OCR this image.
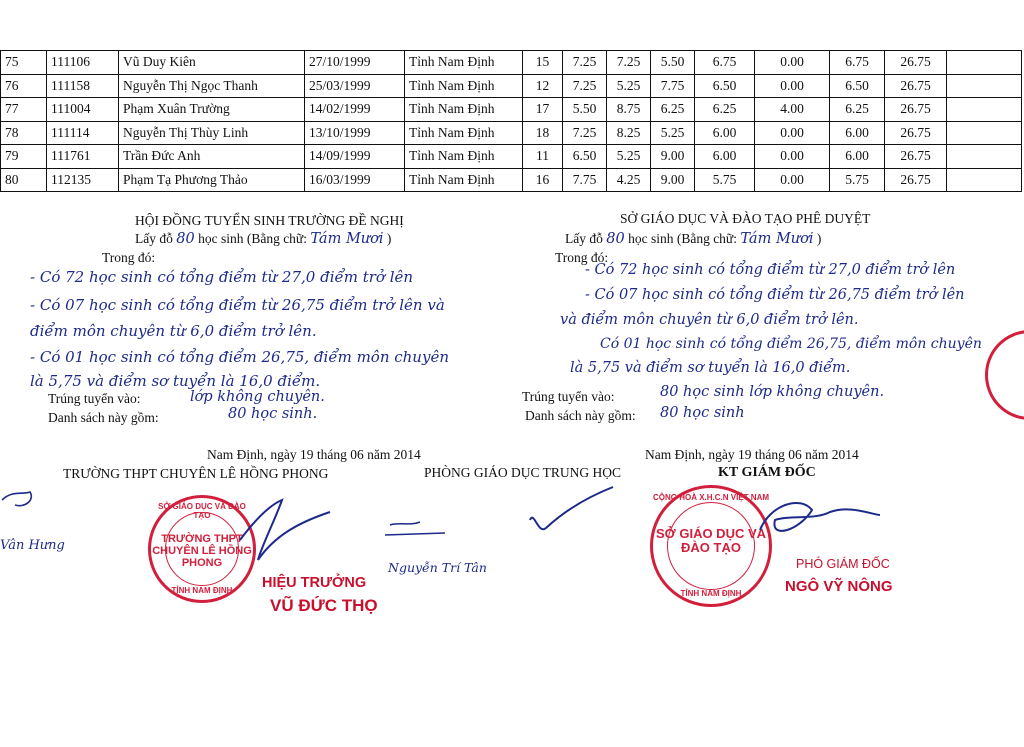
75	111106	Vũ Duy Kiên	27/10/1999	Tỉnh Nam Định	15	7.25	7.25	5.50	6.75	0.00	6.75	26.75	
76	111158	Nguyễn Thị Ngọc Thanh	25/03/1999	Tỉnh Nam Định	12	7.25	5.25	7.75	6.50	0.00	6.50	26.75	
77	111004	Phạm Xuân Trường	14/02/1999	Tỉnh Nam Định	17	5.50	8.75	6.25	6.25	4.00	6.25	26.75	
78	111114	Nguyễn Thị Thùy Linh	13/10/1999	Tỉnh Nam Định	18	7.25	8.25	5.25	6.00	0.00	6.00	26.75	
79	111761	Trần Đức Anh	14/09/1999	Tỉnh Nam Định	11	6.50	5.25	9.00	6.00	0.00	6.00	26.75	
80	112135	Phạm Tạ Phương Thảo	16/03/1999	Tỉnh Nam Định	16	7.75	4.25	9.00	5.75	0.00	5.75	26.75	
HỘI ĐỒNG TUYỂN SINH TRƯỜNG ĐỀ NGHỊ
Lấy đỗ 80 học sinh (Bằng chữ: Tám Mươi )
Trong đó:
- Có 72 học sinh có tổng điểm từ 27,0 điểm trở lên
- Có 07 học sinh có tổng điểm từ 26,75 điểm trở lên và
điểm môn chuyên từ 6,0 điểm trở lên.
- Có 01 học sinh có tổng điểm 26,75, điểm môn chuyên
là 5,75 và điểm sơ tuyển là 16,0 điểm.
Trúng tuyển vào:	lớp không chuyên.
Danh sách này gồm:	80 học sinh.
SỞ GIÁO DỤC VÀ ĐÀO TẠO PHÊ DUYỆT
Lấy đỗ 80 học sinh (Bằng chữ: Tám Mươi )
Trong đó:
- Có 72 học sinh có tổng điểm từ 27,0 điểm trở lên
- Có 07 học sinh có tổng điểm từ 26,75 điểm trở lên
và điểm môn chuyên từ 6,0 điểm trở lên.
Có 01 học sinh có tổng điểm 26,75, điểm môn chuyên
là 5,75 và điểm sơ tuyển là 16,0 điểm.
Trúng tuyển vào:	80 học sinh lớp không chuyên.
Danh sách này gồm: 80 học sinh
Nam Định, ngày 19 tháng 06 năm 2014	Nam Định, ngày 19 tháng 06 năm 2014
TRƯỜNG THPT CHUYÊN LÊ HỒNG PHONG	PHÒNG GIÁO DỤC TRUNG HỌC	KT GIÁM ĐỐC
SỞ GIÁO DỤC VÀ ĐÀO TẠO
TRƯỜNG THPT CHUYÊN LÊ HỒNG PHONG
TỈNH NAM ĐỊNH
CỘNG HOÀ X.H.C.N VIỆT NAM
SỞ GIÁO DỤC VÀ ĐÀO TẠO
TỈNH NAM ĐỊNH
Vân Hưng
Nguyễn Trí Tân
HIỆU TRƯỞNG
VŨ ĐỨC THỌ
PHÓ GIÁM ĐỐC
NGÔ VỸ NÔNG
